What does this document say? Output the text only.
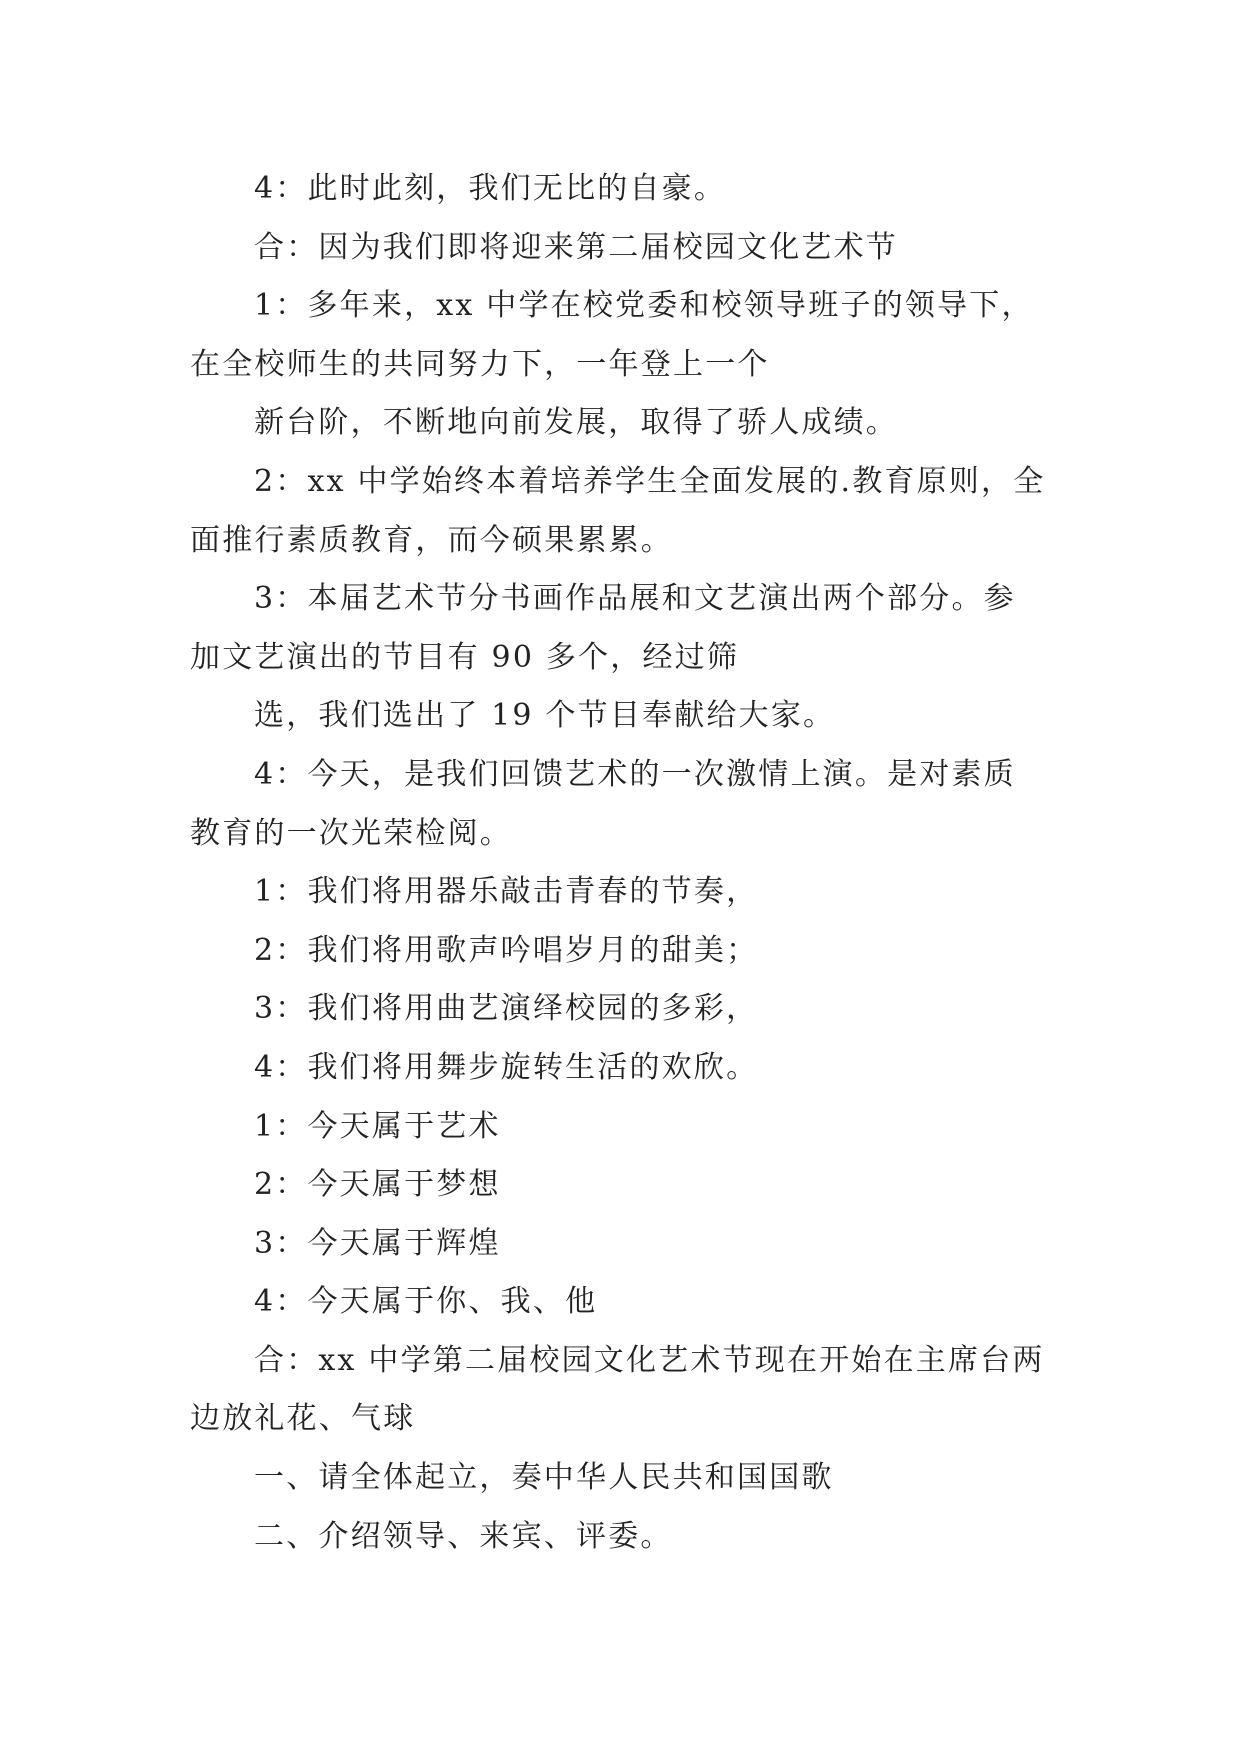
4：此时此刻，我们无比的自豪。
合：因为我们即将迎来第二届校园文化艺术节
1：多年来，xx 中学在校党委和校领导班子的领导下，
在全校师生的共同努力下，一年登上一个
新台阶，不断地向前发展，取得了骄人成绩。
2：xx 中学始终本着培养学生全面发展的.教育原则，全
面推行素质教育，而今硕果累累。
3：本届艺术节分书画作品展和文艺演出两个部分。参
加文艺演出的节目有 90 多个，经过筛
选，我们选出了 19 个节目奉献给大家。
4：今天，是我们回馈艺术的一次激情上演。是对素质
教育的一次光荣检阅。
1：我们将用器乐敲击青春的节奏，
2：我们将用歌声吟唱岁月的甜美；
3：我们将用曲艺演绎校园的多彩，
4：我们将用舞步旋转生活的欢欣。
1：今天属于艺术
2：今天属于梦想
3：今天属于辉煌
4：今天属于你、我、他
合：xx 中学第二届校园文化艺术节现在开始在主席台两
边放礼花、气球
一、请全体起立，奏中华人民共和国国歌
二、介绍领导、来宾、评委。
